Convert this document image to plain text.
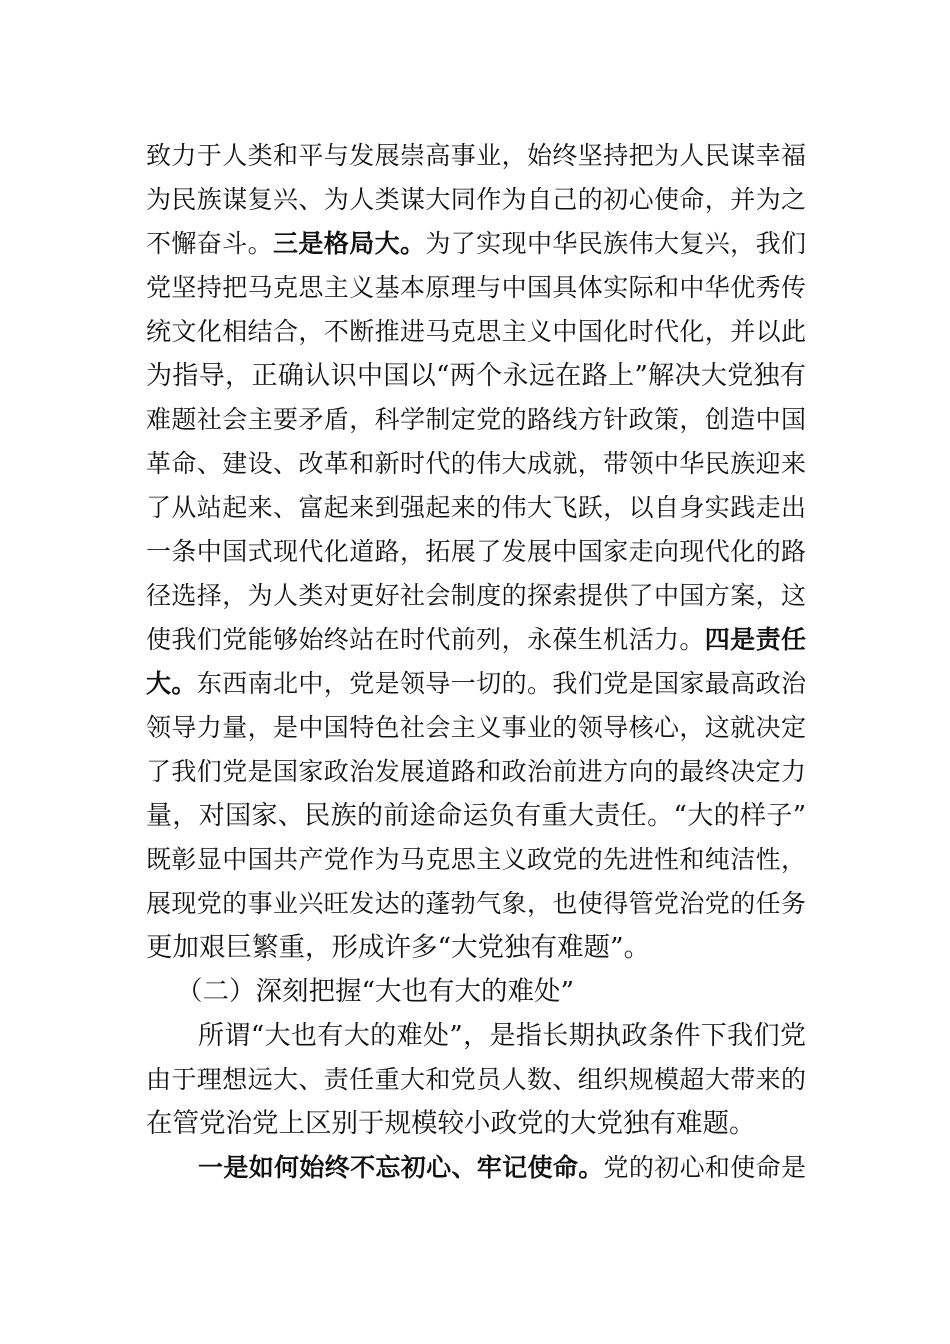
致力于人类和平与发展崇高事业，始终坚持把为人民谋幸福
为民族谋复兴、为人类谋大同作为自己的初心使命，并为之
不懈奋斗。三是格局大。为了实现中华民族伟大复兴，我们
党坚持把马克思主义基本原理与中国具体实际和中华优秀传
统文化相结合，不断推进马克思主义中国化时代化，并以此
为指导，正确认识中国以“两个永远在路上”解决大党独有
难题社会主要矛盾，科学制定党的路线方针政策，创造中国
革命、建设、改革和新时代的伟大成就，带领中华民族迎来
了从站起来、富起来到强起来的伟大飞跃，以自身实践走出
一条中国式现代化道路，拓展了发展中国家走向现代化的路
径选择，为人类对更好社会制度的探索提供了中国方案，这
使我们党能够始终站在时代前列，永葆生机活力。四是责任
大。东西南北中，党是领导一切的。我们党是国家最高政治
领导力量，是中国特色社会主义事业的领导核心，这就决定
了我们党是国家政治发展道路和政治前进方向的最终决定力
量，对国家、民族的前途命运负有重大责任。“大的样子”
既彰显中国共产党作为马克思主义政党的先进性和纯洁性，
展现党的事业兴旺发达的蓬勃气象，也使得管党治党的任务
更加艰巨繁重，形成许多“大党独有难题”。
（二）深刻把握“大也有大的难处”
所谓“大也有大的难处”，是指长期执政条件下我们党
由于理想远大、责任重大和党员人数、组织规模超大带来的
在管党治党上区别于规模较小政党的大党独有难题。
一是如何始终不忘初心、牢记使命。党的初心和使命是
